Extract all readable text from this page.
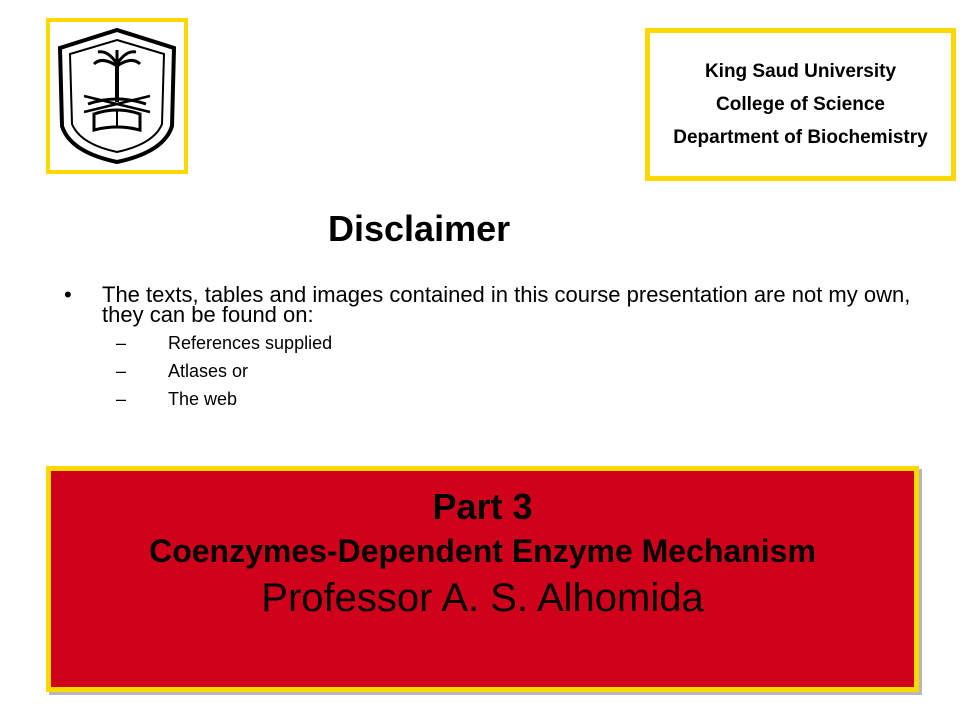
King Saud University
College of Science
Department of Biochemistry
Disclaimer
•	The texts, tables and images contained in this course presentation are not my own, they can be found on:
–	References supplied
–	Atlases or
–	The web
Part 3
Coenzymes-Dependent Enzyme Mechanism
Professor A. S. Alhomida
